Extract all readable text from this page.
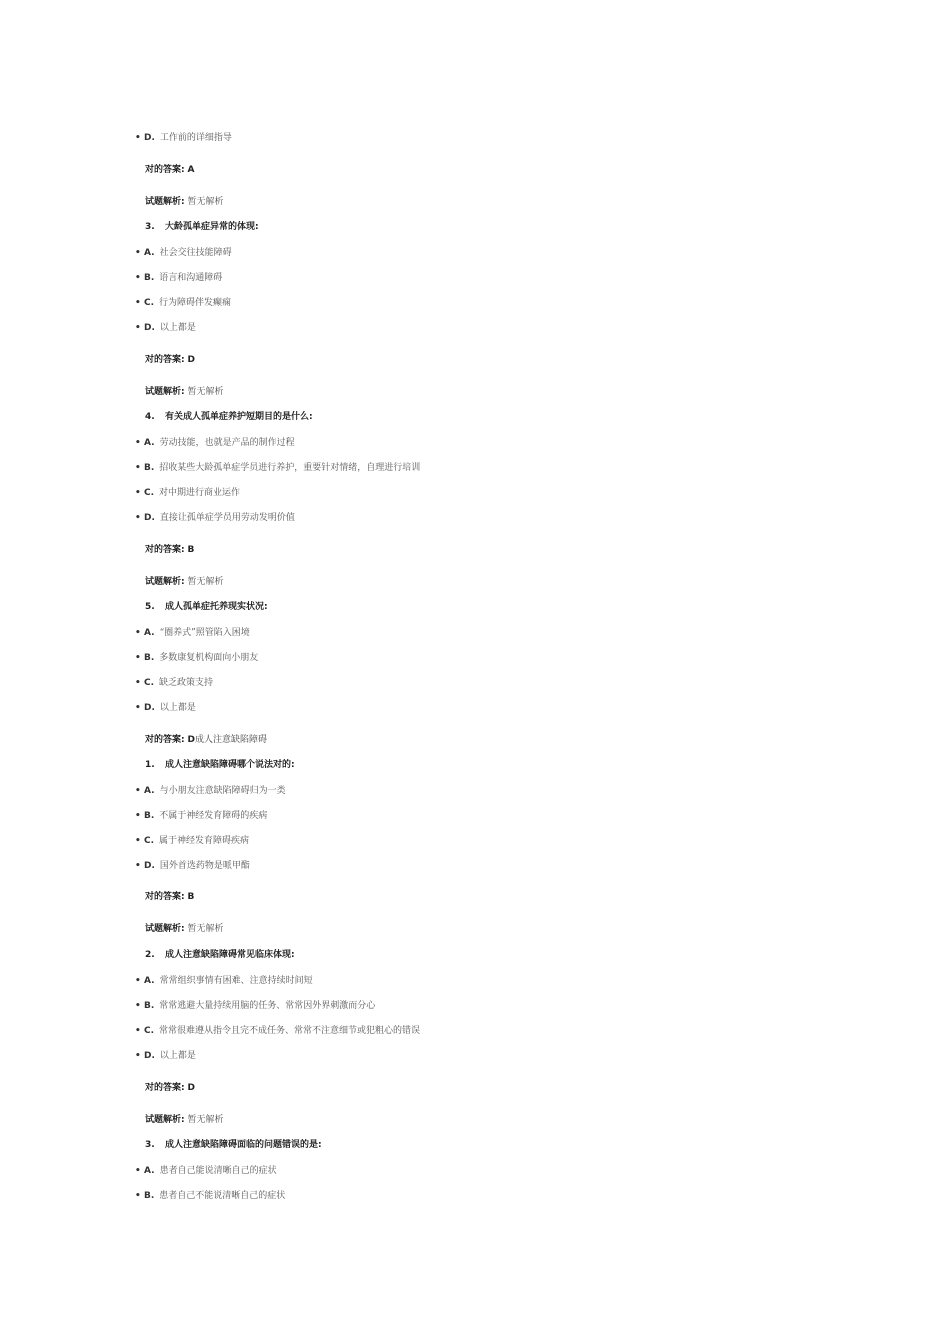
• D. 工作前的详细指导
对的答案: A
试题解析: 暂无解析
3. 大龄孤单症异常的体现:
• A. 社会交往技能障碍
• B. 语言和沟通障碍
• C. 行为障碍伴发癫痫
• D. 以上都是
对的答案: D
试题解析: 暂无解析
4. 有关成人孤单症养护短期目的是什么:
• A. 劳动技能，也就是产品的制作过程
• B. 招收某些大龄孤单症学员进行养护，重要针对情绪，自理进行培训
• C. 对中期进行商业运作
• D. 直接让孤单症学员用劳动发明价值
对的答案: B
试题解析: 暂无解析
5. 成人孤单症托养现实状况:
• A. “圈养式”照管陷入困境
• B. 多数康复机构面向小朋友
• C. 缺乏政策支持
• D. 以上都是
对的答案: D成人注意缺陷障碍
1. 成人注意缺陷障碍哪个说法对的:
• A. 与小朋友注意缺陷障碍归为一类
• B. 不属于神经发育障碍的疾病
• C. 属于神经发育障碍疾病
• D. 国外首选药物是哌甲酯
对的答案: B
试题解析: 暂无解析
2. 成人注意缺陷障碍常见临床体现:
• A. 常常组织事情有困难、注意持续时间短
• B. 常常逃避大量持续用脑的任务、常常因外界刺激而分心
• C. 常常很难遵从指令且完不成任务、常常不注意细节或犯粗心的错误
• D. 以上都是
对的答案: D
试题解析: 暂无解析
3. 成人注意缺陷障碍面临的问题错误的是:
• A. 患者自己能说清晰自己的症状
• B. 患者自己不能说清晰自己的症状
